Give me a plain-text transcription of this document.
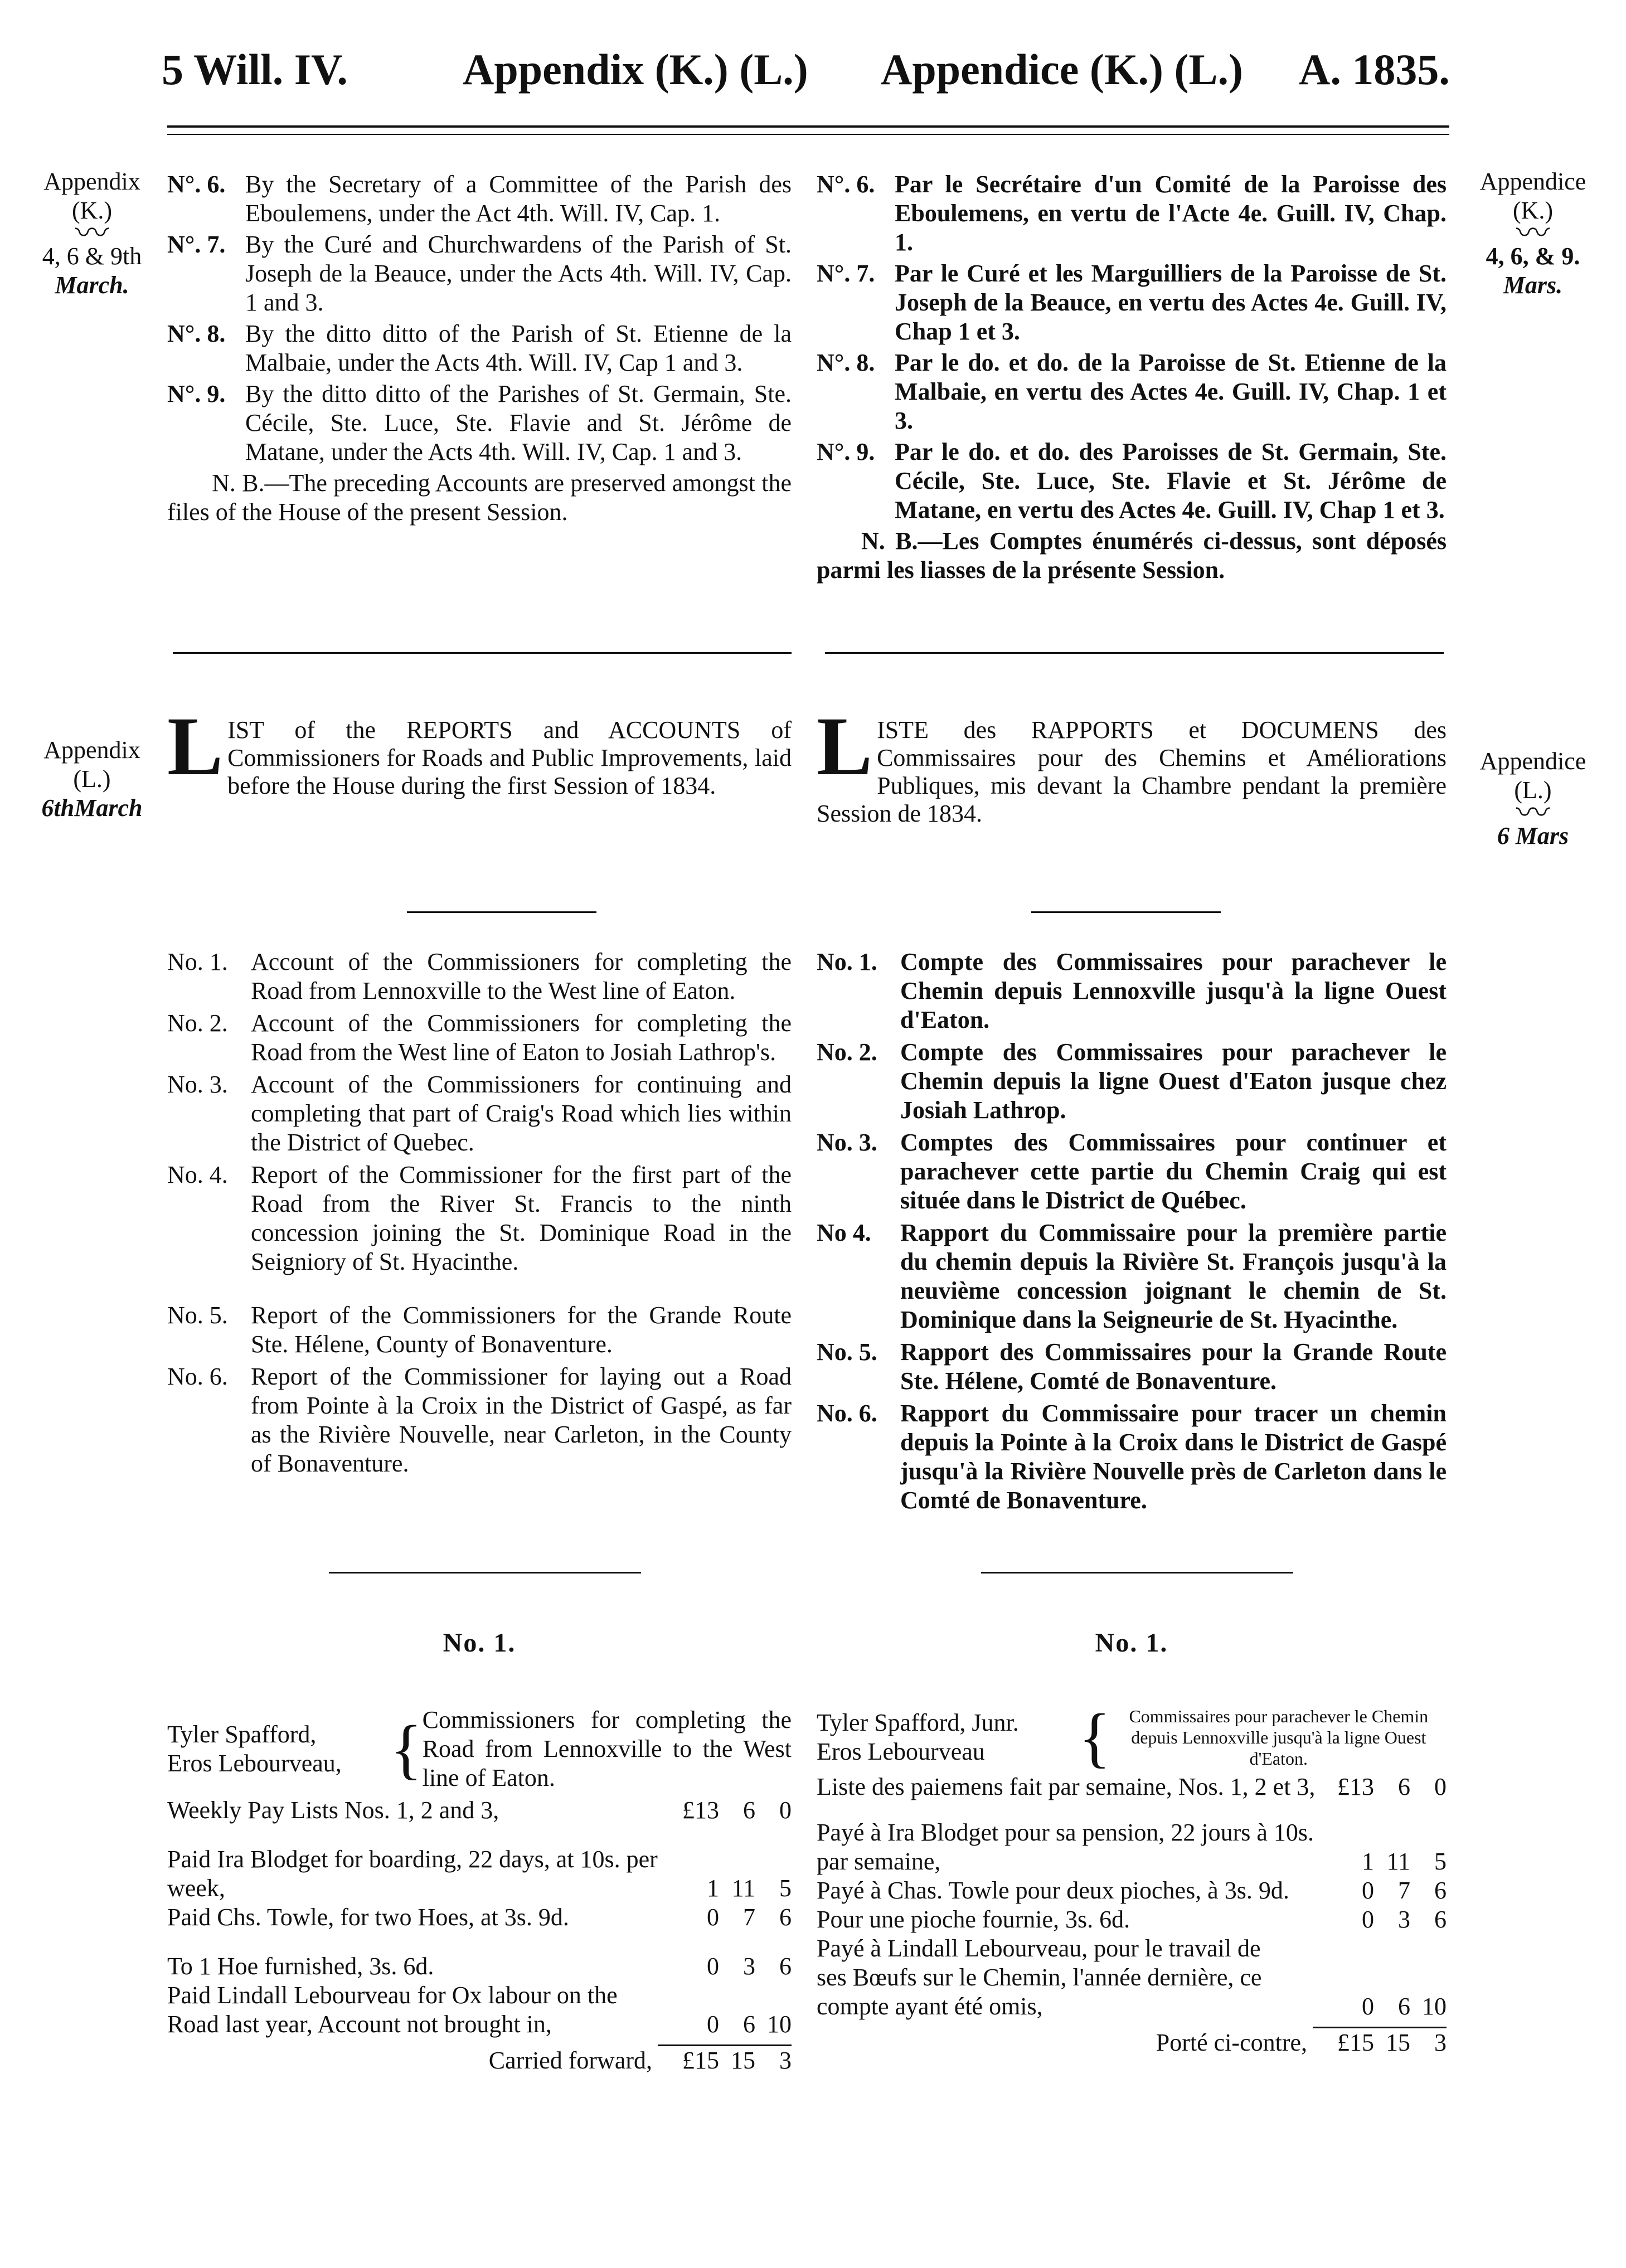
5 Will. IV.	Appendix (K.) (L.) Appendice (K.) (L.) A. 1835.
Appendix
(K.)
〰
4, 6 & 9th
March.
Appendice
(K.)
〰
4, 6, & 9.
Mars.
N°. 6. By the Secretary of a Committee of the Parish des Eboulemens, under the Act 4th. Will. IV, Cap. 1.
N°. 7. By the Curé and Churchwardens of the Parish of St. Joseph de la Beauce, under the Acts 4th. Will. IV, Cap. 1 and 3.
N°. 8. By the ditto ditto of the Parish of St. Etienne de la Malbaie, under the Acts 4th. Will. IV, Cap 1 and 3.
N°. 9. By the ditto ditto of the Parishes of St. Germain, Ste. Cécile, Ste. Luce, Ste. Flavie and St. Jérôme de Matane, under the Acts 4th. Will. IV, Cap. 1 and 3.
N. B.—The preceding Accounts are preserved amongst the files of the House of the present Session.
N°. 6. Par le Secrétaire d'un Comité de la Paroisse des Eboulemens, en vertu de l'Acte 4e. Guill. IV, Chap. 1.
N°. 7. Par le Curé et les Marguilliers de la Paroisse de St. Joseph de la Beauce, en vertu des Actes 4e. Guill. IV, Chap 1 et 3.
N°. 8. Par le do. et do. de la Paroisse de St. Etienne de la Malbaie, en vertu des Actes 4e. Guill. IV, Chap. 1 et 3.
N°. 9. Par le do. et do. des Paroisses de St. Germain, Ste. Cécile, Ste. Luce, Ste. Flavie et St. Jérôme de Matane, en vertu des Actes 4e. Guill. IV, Chap 1 et 3.
N. B.—Les Comptes énumérés ci-dessus, sont déposés parmi les liasses de la présente Session.
Appendix
(L.)
6thMarch
Appendice
(L.)
〰
6 Mars
LIST of the REPORTS and ACCOUNTS of Commissioners for Roads and Public Improvements, laid before the House during the first Session of 1834.	LISTE des RAPPORTS et DOCUMENS des Commissaires pour des Chemins et Améliorations Publiques, mis devant la Chambre pendant la première Session de 1834.
No. 1. Account of the Commissioners for completing the Road from Lennoxville to the West line of Eaton.
No. 2. Account of the Commissioners for completing the Road from the West line of Eaton to Josiah Lathrop's.
No. 3. Account of the Commissioners for continuing and completing that part of Craig's Road which lies within the District of Quebec.
No. 4. Report of the Commissioner for the first part of the Road from the River St. Francis to the ninth concession joining the St. Dominique Road in the Seigniory of St. Hyacinthe.
No. 5. Report of the Commissioners for the Grande Route Ste. Hélene, County of Bonaventure.
No. 6. Report of the Commissioner for laying out a Road from Pointe à la Croix in the District of Gaspé, as far as the Rivière Nouvelle, near Carleton, in the County of Bonaventure.
No. 1. Compte des Commissaires pour parachever le Chemin depuis Lennoxville jusqu'à la ligne Ouest d'Eaton.
No. 2. Compte des Commissaires pour parachever le Chemin depuis la ligne Ouest d'Eaton jusque chez Josiah Lathrop.
No. 3. Comptes des Commissaires pour continuer et parachever cette partie du Chemin Craig qui est située dans le District de Québec.
No 4.	Rapport du Commissaire pour la première partie du chemin depuis la Rivière St. François jusqu'à la neuvième concession joignant le chemin de St. Dominique dans la Seigneurie de St. Hyacinthe.
No. 5. Rapport des Commissaires pour la Grande Route Ste. Hélene, Comté de Bonaventure.
No. 6. Rapport du Commissaire pour tracer un chemin depuis la Pointe à la Croix dans le District de Gaspé jusqu'à la Rivière Nouvelle près de Carleton dans le Comté de Bonaventure.
No. 1.	No. 1.
Tyler Spafford,
Eros Lebourveau, { Commissioners for completing the Road from Lennoxville to the West line of Eaton.
Weekly Pay Lists Nos. 1, 2 and 3,	£13 6 0
Paid Ira Blodget for boarding, 22 days, at 10s. per week,	1 11 5
Paid Chs. Towle, for two Hoes, at 3s. 9d.	0 7 6
To 1 Hoe furnished, 3s. 6d.	0 3 6
Paid Lindall Lebourveau for Ox labour on the Road last year, Account not brought in,	0 6 10
Carried forward,	£15 15 3
Tyler Spafford, Junr.
Eros Lebourveau	{	Commissaires pour parachever le Chemin depuis Lennoxville jusqu'à la ligne Ouest d'Eaton.
Liste des paiemens fait par semaine, Nos. 1, 2 et 3, £13 6 0
Payé à Ira Blodget pour sa pension, 22 jours à 10s. par semaine,	1 11 5
Payé à Chas. Towle pour deux pioches, à 3s. 9d.	0 7 6
Pour une pioche fournie, 3s. 6d.	0 3 6
Payé à Lindall Lebourveau, pour le travail de ses Bœufs sur le Chemin, l'année dernière, ce compte ayant été omis,	0 6 10
Porté ci-contre,	£15 15 3
